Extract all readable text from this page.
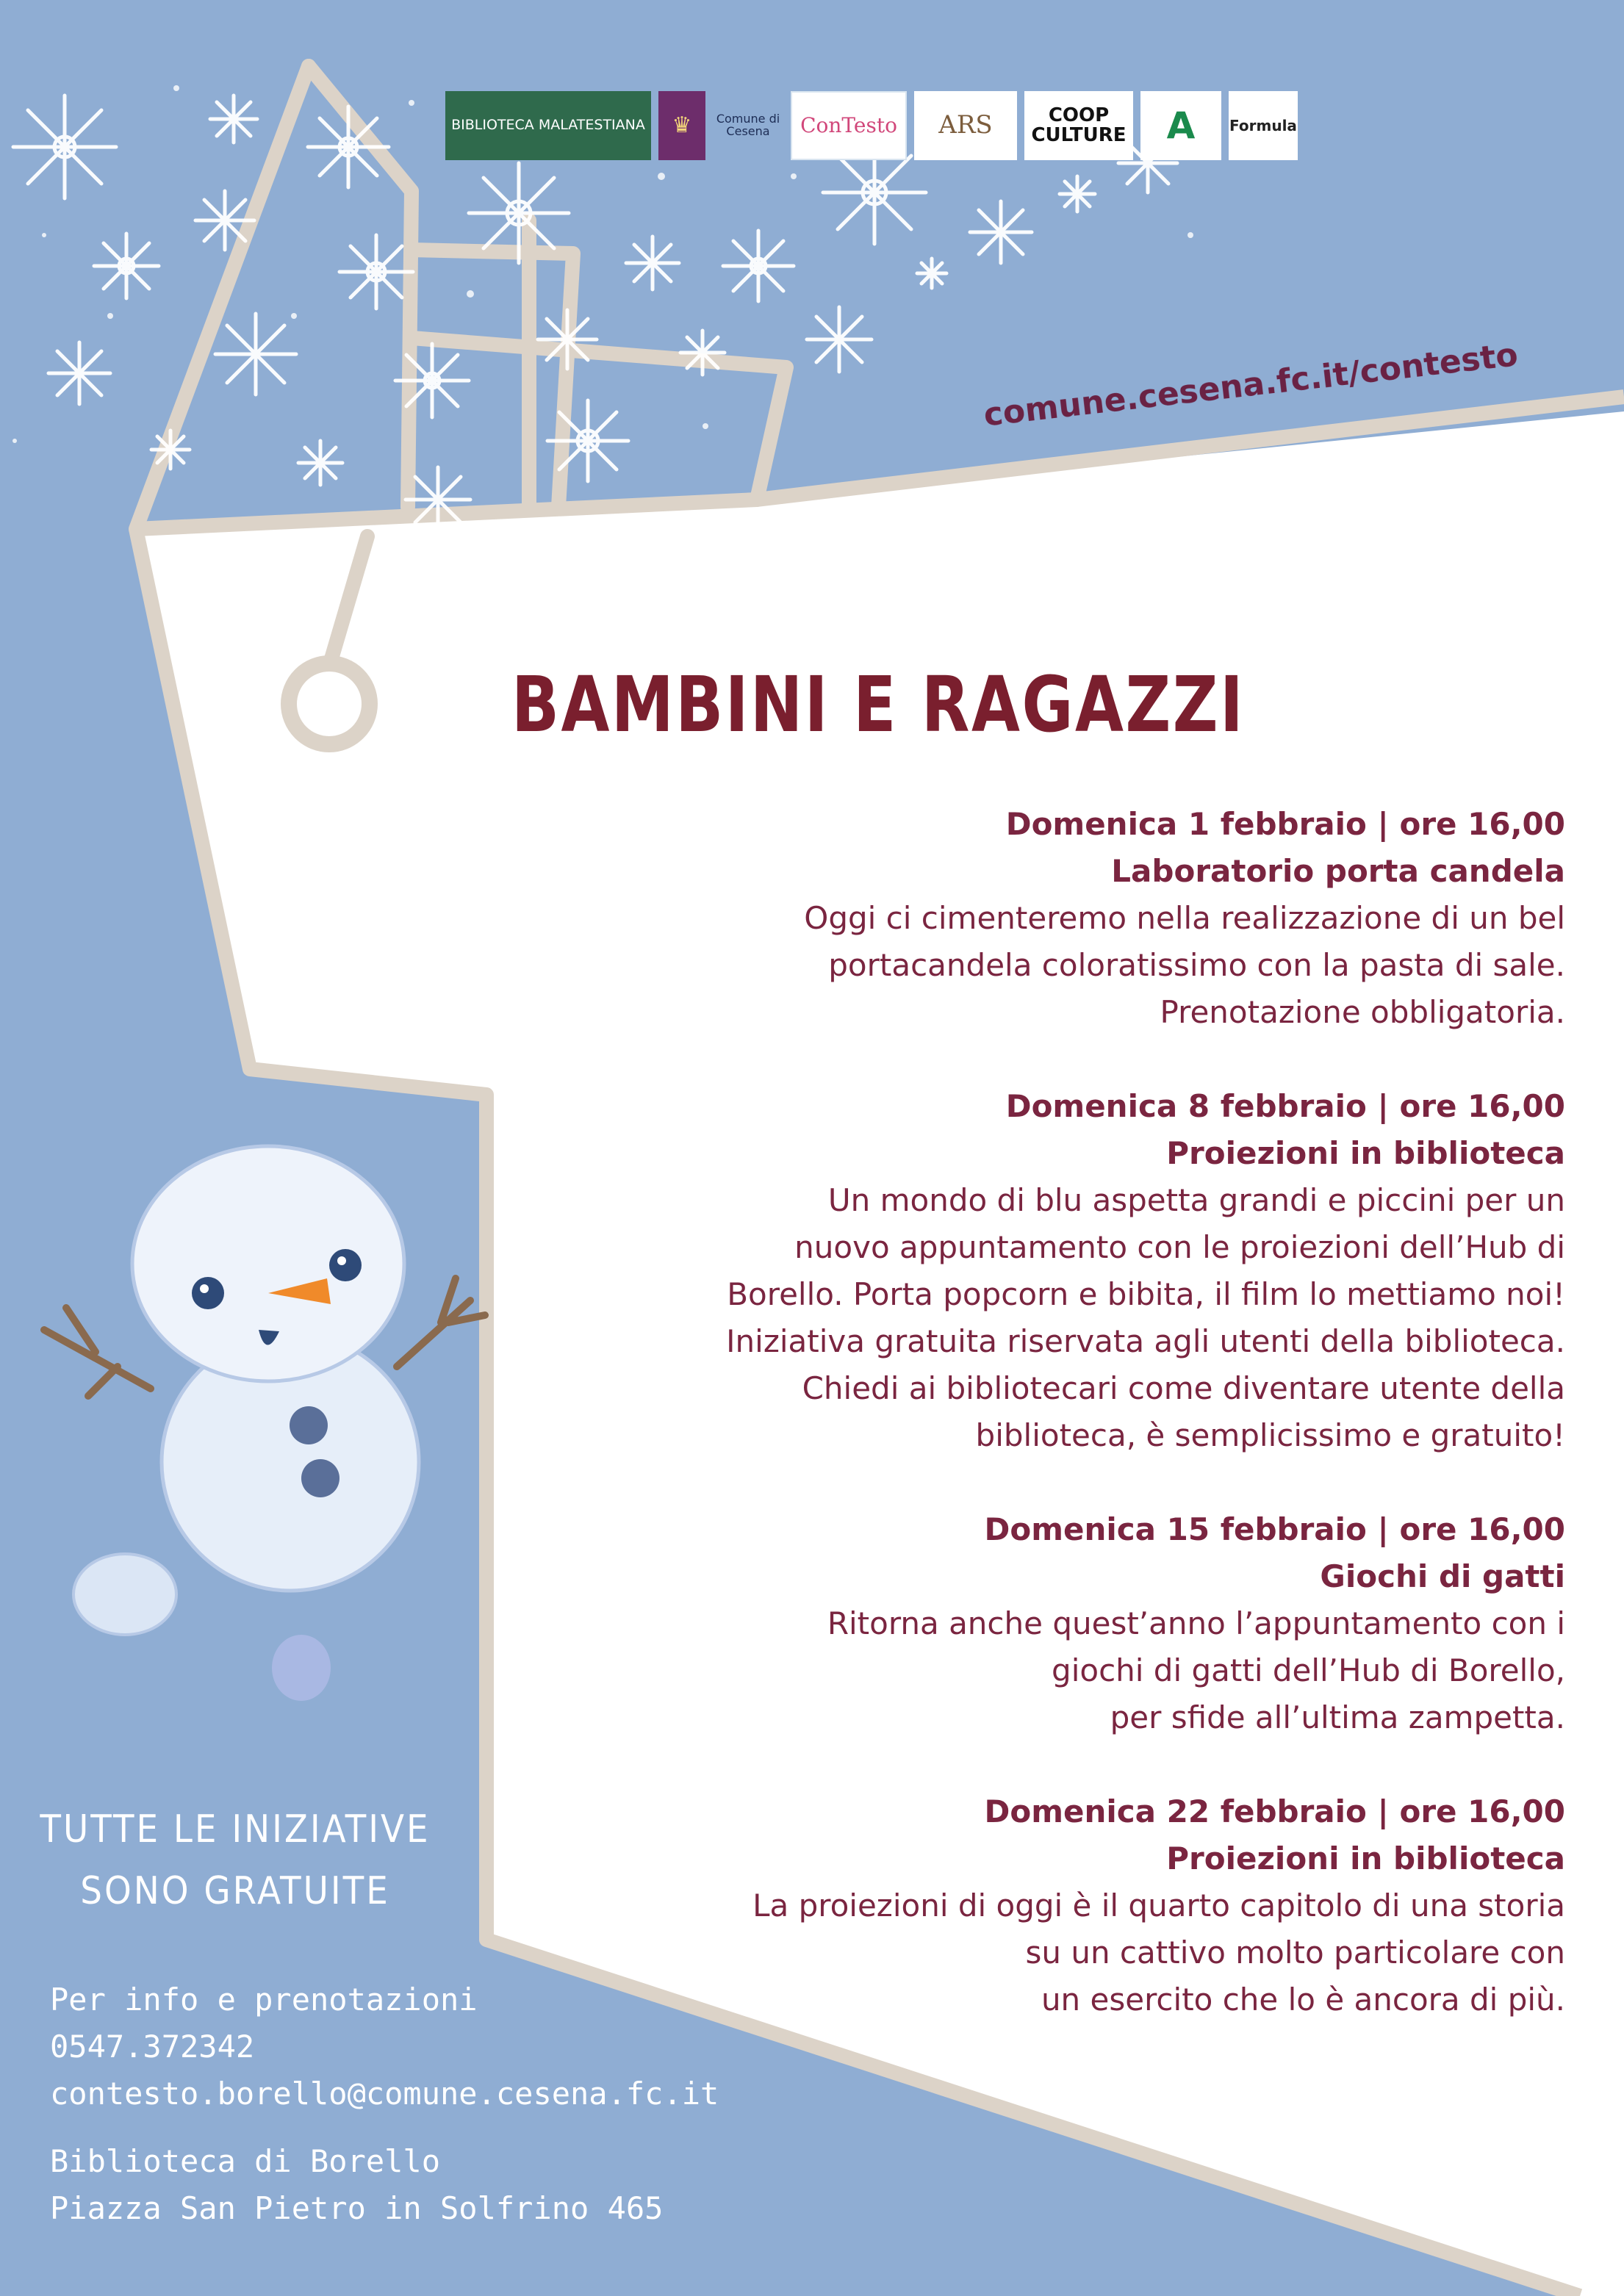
BIBLIOTECA MALATESTIANA	♛	Comune di Cesena	ConTesto	ARS	COOP CULTURE	A	Formula
comune.cesena.fc.it/contesto
BAMBINI E RAGAZZI
Domenica 1 febbraio | ore 16,00
Laboratorio porta candela
Oggi ci cimenteremo nella realizzazione di un bel
portacandela coloratissimo con la pasta di sale.
Prenotazione obbligatoria.
Domenica 8 febbraio | ore 16,00
Proiezioni in biblioteca
Un mondo di blu aspetta grandi e piccini per un
nuovo appuntamento con le proiezioni dell’Hub di
Borello. Porta popcorn e bibita, il film lo mettiamo noi!
Iniziativa gratuita riservata agli utenti della biblioteca.
Chiedi ai bibliotecari come diventare utente della
biblioteca, è semplicissimo e gratuito!
Domenica 15 febbraio | ore 16,00
Giochi di gatti
Ritorna anche quest’anno l’appuntamento con i
giochi di gatti dell’Hub di Borello,
per sfide all’ultima zampetta.
Domenica 22 febbraio | ore 16,00
Proiezioni in biblioteca
La proiezioni di oggi è il quarto capitolo di una storia
su un cattivo molto particolare con
un esercito che lo è ancora di più.
TUTTE LE INIZIATIVE
SONO GRATUITE
Per info e prenotazioni
0547.372342
contesto.borello@comune.cesena.fc.it
Biblioteca di Borello
Piazza San Pietro in Solfrino 465
